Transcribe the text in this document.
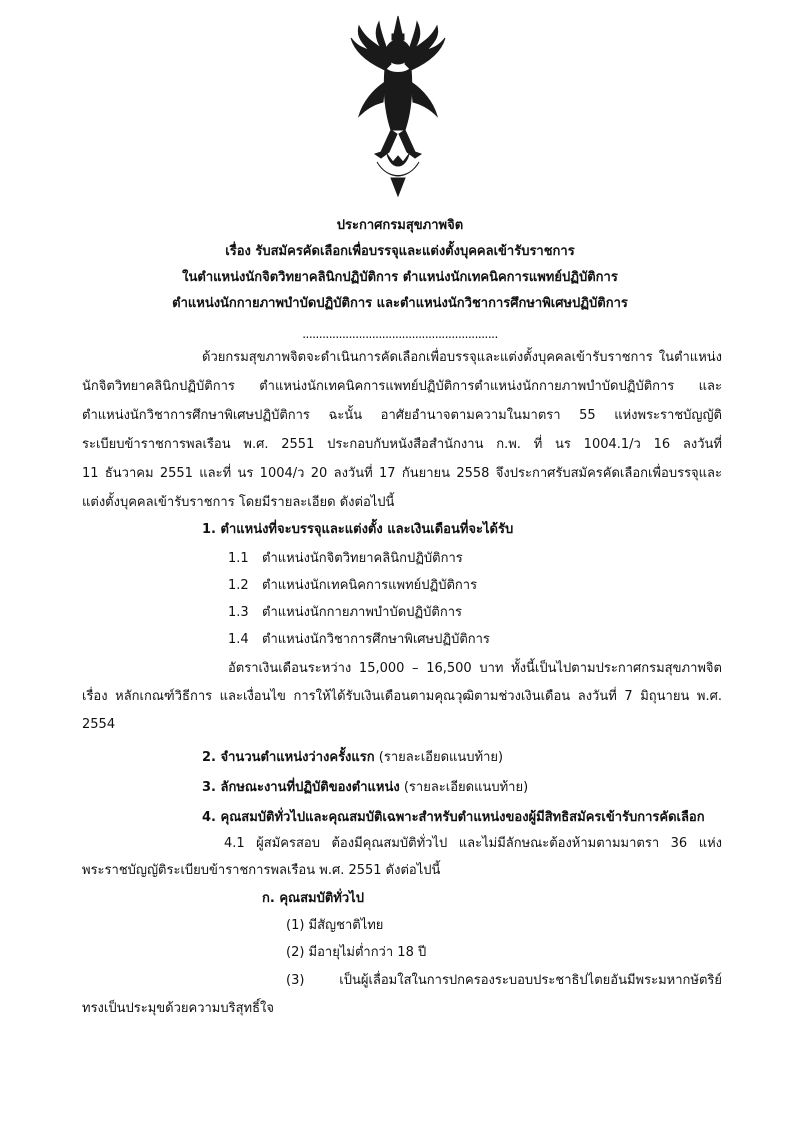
ประกาศกรมสุขภาพจิต
เรื่อง รับสมัครคัดเลือกเพื่อบรรจุและแต่งตั้งบุคคลเข้ารับราชการ
ในตำแหน่งนักจิตวิทยาคลินิกปฏิบัติการ ตำแหน่งนักเทคนิคการแพทย์ปฏิบัติการ
ตำแหน่งนักกายภาพบำบัดปฏิบัติการ และตำแหน่งนักวิชาการศึกษาพิเศษปฏิบัติการ
...........................................................
ด้วยกรมสุขภาพจิตจะดำเนินการคัดเลือกเพื่อบรรจุและแต่งตั้งบุคคลเข้ารับราชการ ในตำแหน่ง
นักจิตวิทยาคลินิกปฏิบัติการ ตำแหน่งนักเทคนิคการแพทย์ปฏิบัติการตำแหน่งนักกายภาพบำบัดปฏิบัติการ และ
ตำแหน่งนักวิชาการศึกษาพิเศษปฏิบัติการ ฉะนั้น อาศัยอำนาจตามความในมาตรา 55 แห่งพระราชบัญญัติ
ระเบียบข้าราชการพลเรือน พ.ศ. 2551 ประกอบกับหนังสือสำนักงาน ก.พ. ที่ นร 1004.1/ว 16 ลงวันที่
11 ธันวาคม 2551 และที่ นร 1004/ว 20 ลงวันที่ 17 กันยายน 2558 จึงประกาศรับสมัครคัดเลือกเพื่อบรรจุและ
แต่งตั้งบุคคลเข้ารับราชการ โดยมีรายละเอียด ดังต่อไปนี้
1. ตำแหน่งที่จะบรรจุและแต่งตั้ง และเงินเดือนที่จะได้รับ
1.1 ตำแหน่งนักจิตวิทยาคลินิกปฏิบัติการ
1.2 ตำแหน่งนักเทคนิคการแพทย์ปฏิบัติการ
1.3 ตำแหน่งนักกายภาพบำบัดปฏิบัติการ
1.4 ตำแหน่งนักวิชาการศึกษาพิเศษปฏิบัติการ
อัตราเงินเดือนระหว่าง 15,000 – 16,500 บาท ทั้งนี้เป็นไปตามประกาศกรมสุขภาพจิต
เรื่อง หลักเกณฑ์วิธีการ และเงื่อนไข การให้ได้รับเงินเดือนตามคุณวุฒิตามช่วงเงินเดือน ลงวันที่ 7 มิถุนายน พ.ศ.
2554
2. จำนวนตำแหน่งว่างครั้งแรก (รายละเอียดแนบท้าย)
3. ลักษณะงานที่ปฏิบัติของตำแหน่ง (รายละเอียดแนบท้าย)
4. คุณสมบัติทั่วไปและคุณสมบัติเฉพาะสำหรับตำแหน่งของผู้มีสิทธิสมัครเข้ารับการคัดเลือก
4.1 ผู้สมัครสอบ ต้องมีคุณสมบัติทั่วไป และไม่มีลักษณะต้องห้ามตามมาตรา 36 แห่ง
พระราชบัญญัติระเบียบข้าราชการพลเรือน พ.ศ. 2551 ดังต่อไปนี้
ก. คุณสมบัติทั่วไป
(1) มีสัญชาติไทย
(2) มีอายุไม่ต่ำกว่า 18 ปี
(3) เป็นผู้เลื่อมใสในการปกครองระบอบประชาธิปไตยอันมีพระมหากษัตริย์
ทรงเป็นประมุขด้วยความบริสุทธิ์ใจ
